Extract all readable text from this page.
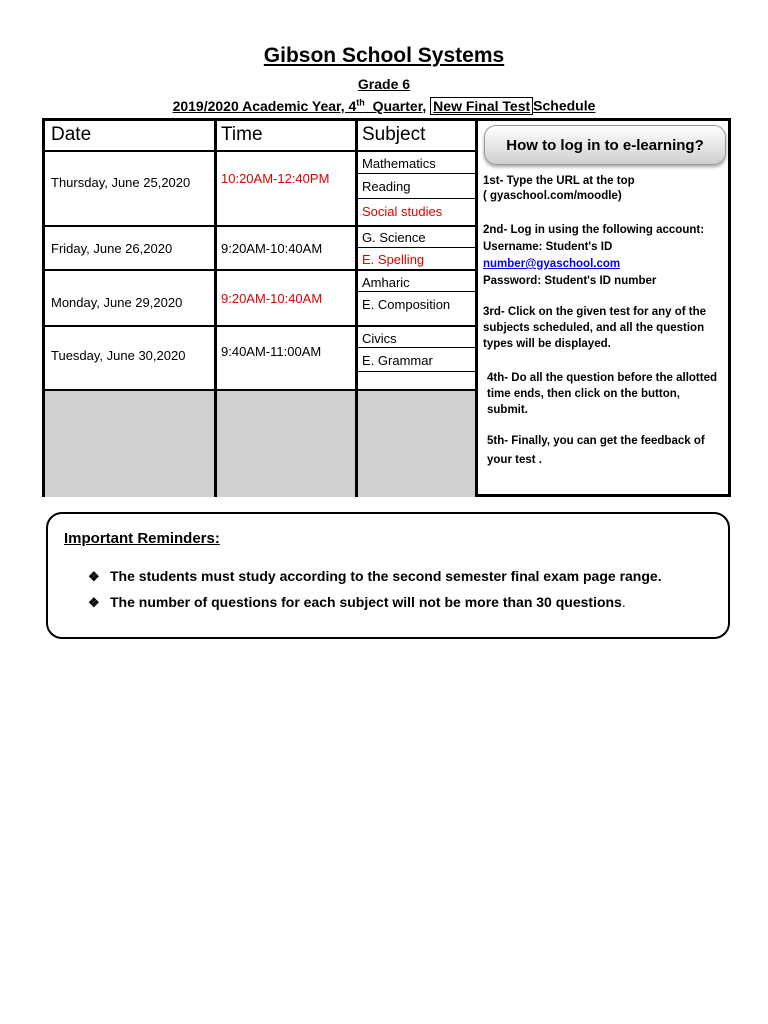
Gibson School Systems
Grade 6
2019/2020 Academic Year, 4th Quarter, New Final Test Schedule
Date	Time	Subject
Thursday, June 25,2020 10:20AM-12:40PM
Mathematics
Reading
Social studies
Friday, June 26,2020	9:20AM-10:40AM
G. Science
E. Spelling
Monday, June 29,2020	9:20AM-10:40AM
Amharic
E. Composition
Tuesday, June 30,2020	9:40AM-11:00AM
Civics
E. Grammar
How to log in to e-learning?
1st- Type the URL at the top
( gyaschool.com/moodle)
2nd- Log in using the following account:
Username: Student's ID
number@gyaschool.com
Password: Student's ID number
3rd- Click on the given test for any of the subjects scheduled, and all the question types will be displayed.
4th- Do all the question before the allotted time ends, then click on the button, submit.
5th- Finally, you can get the feedback of your test .
Important Reminders:
❖ The students must study according to the second semester final exam page range.
❖ The number of questions for each subject will not be more than 30 questions.
